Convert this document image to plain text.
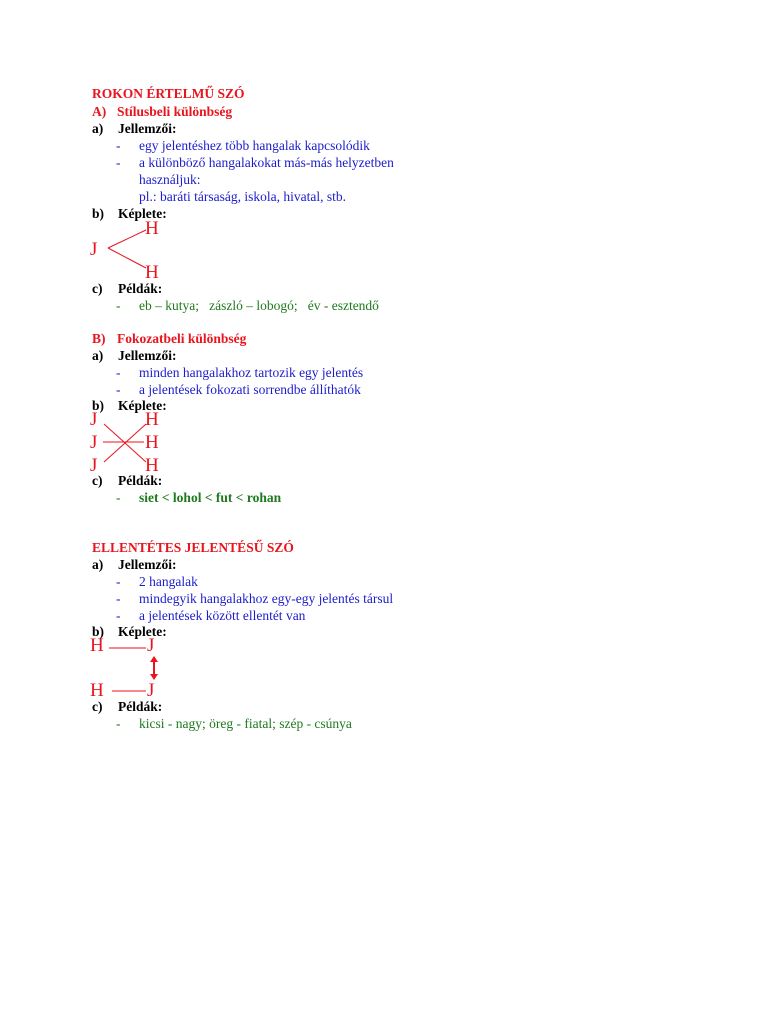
ROKON ÉRTELMŰ SZÓ
A) Stílusbeli különbség
a) Jellemzői:
- egy jelentéshez több hangalak kapcsolódik
- a különböző hangalakokat más-más helyzetben
használjuk:
pl.: baráti társaság, iskola, hivatal, stb.
b) Képlete:
J
H
H
c) Példák:
- eb – kutya;   zászló – lobogó;   év - esztendő
B) Fokozatbeli különbség
a) Jellemzői:
- minden hangalakhoz tartozik egy jelentés
- a jelentések fokozati sorrendbe állíthatók
b) Képlete:
J
J
J
H
H
H
c) Példák:
- siet < lohol < fut < rohan
ELLENTÉTES JELENTÉSŰ SZÓ
a) Jellemzői:
- 2 hangalak
- mindegyik hangalakhoz egy-egy jelentés társul
- a jelentések között ellentét van
b) Képlete:
H J
H J
c) Példák:
- kicsi - nagy; öreg - fiatal; szép - csúnya
